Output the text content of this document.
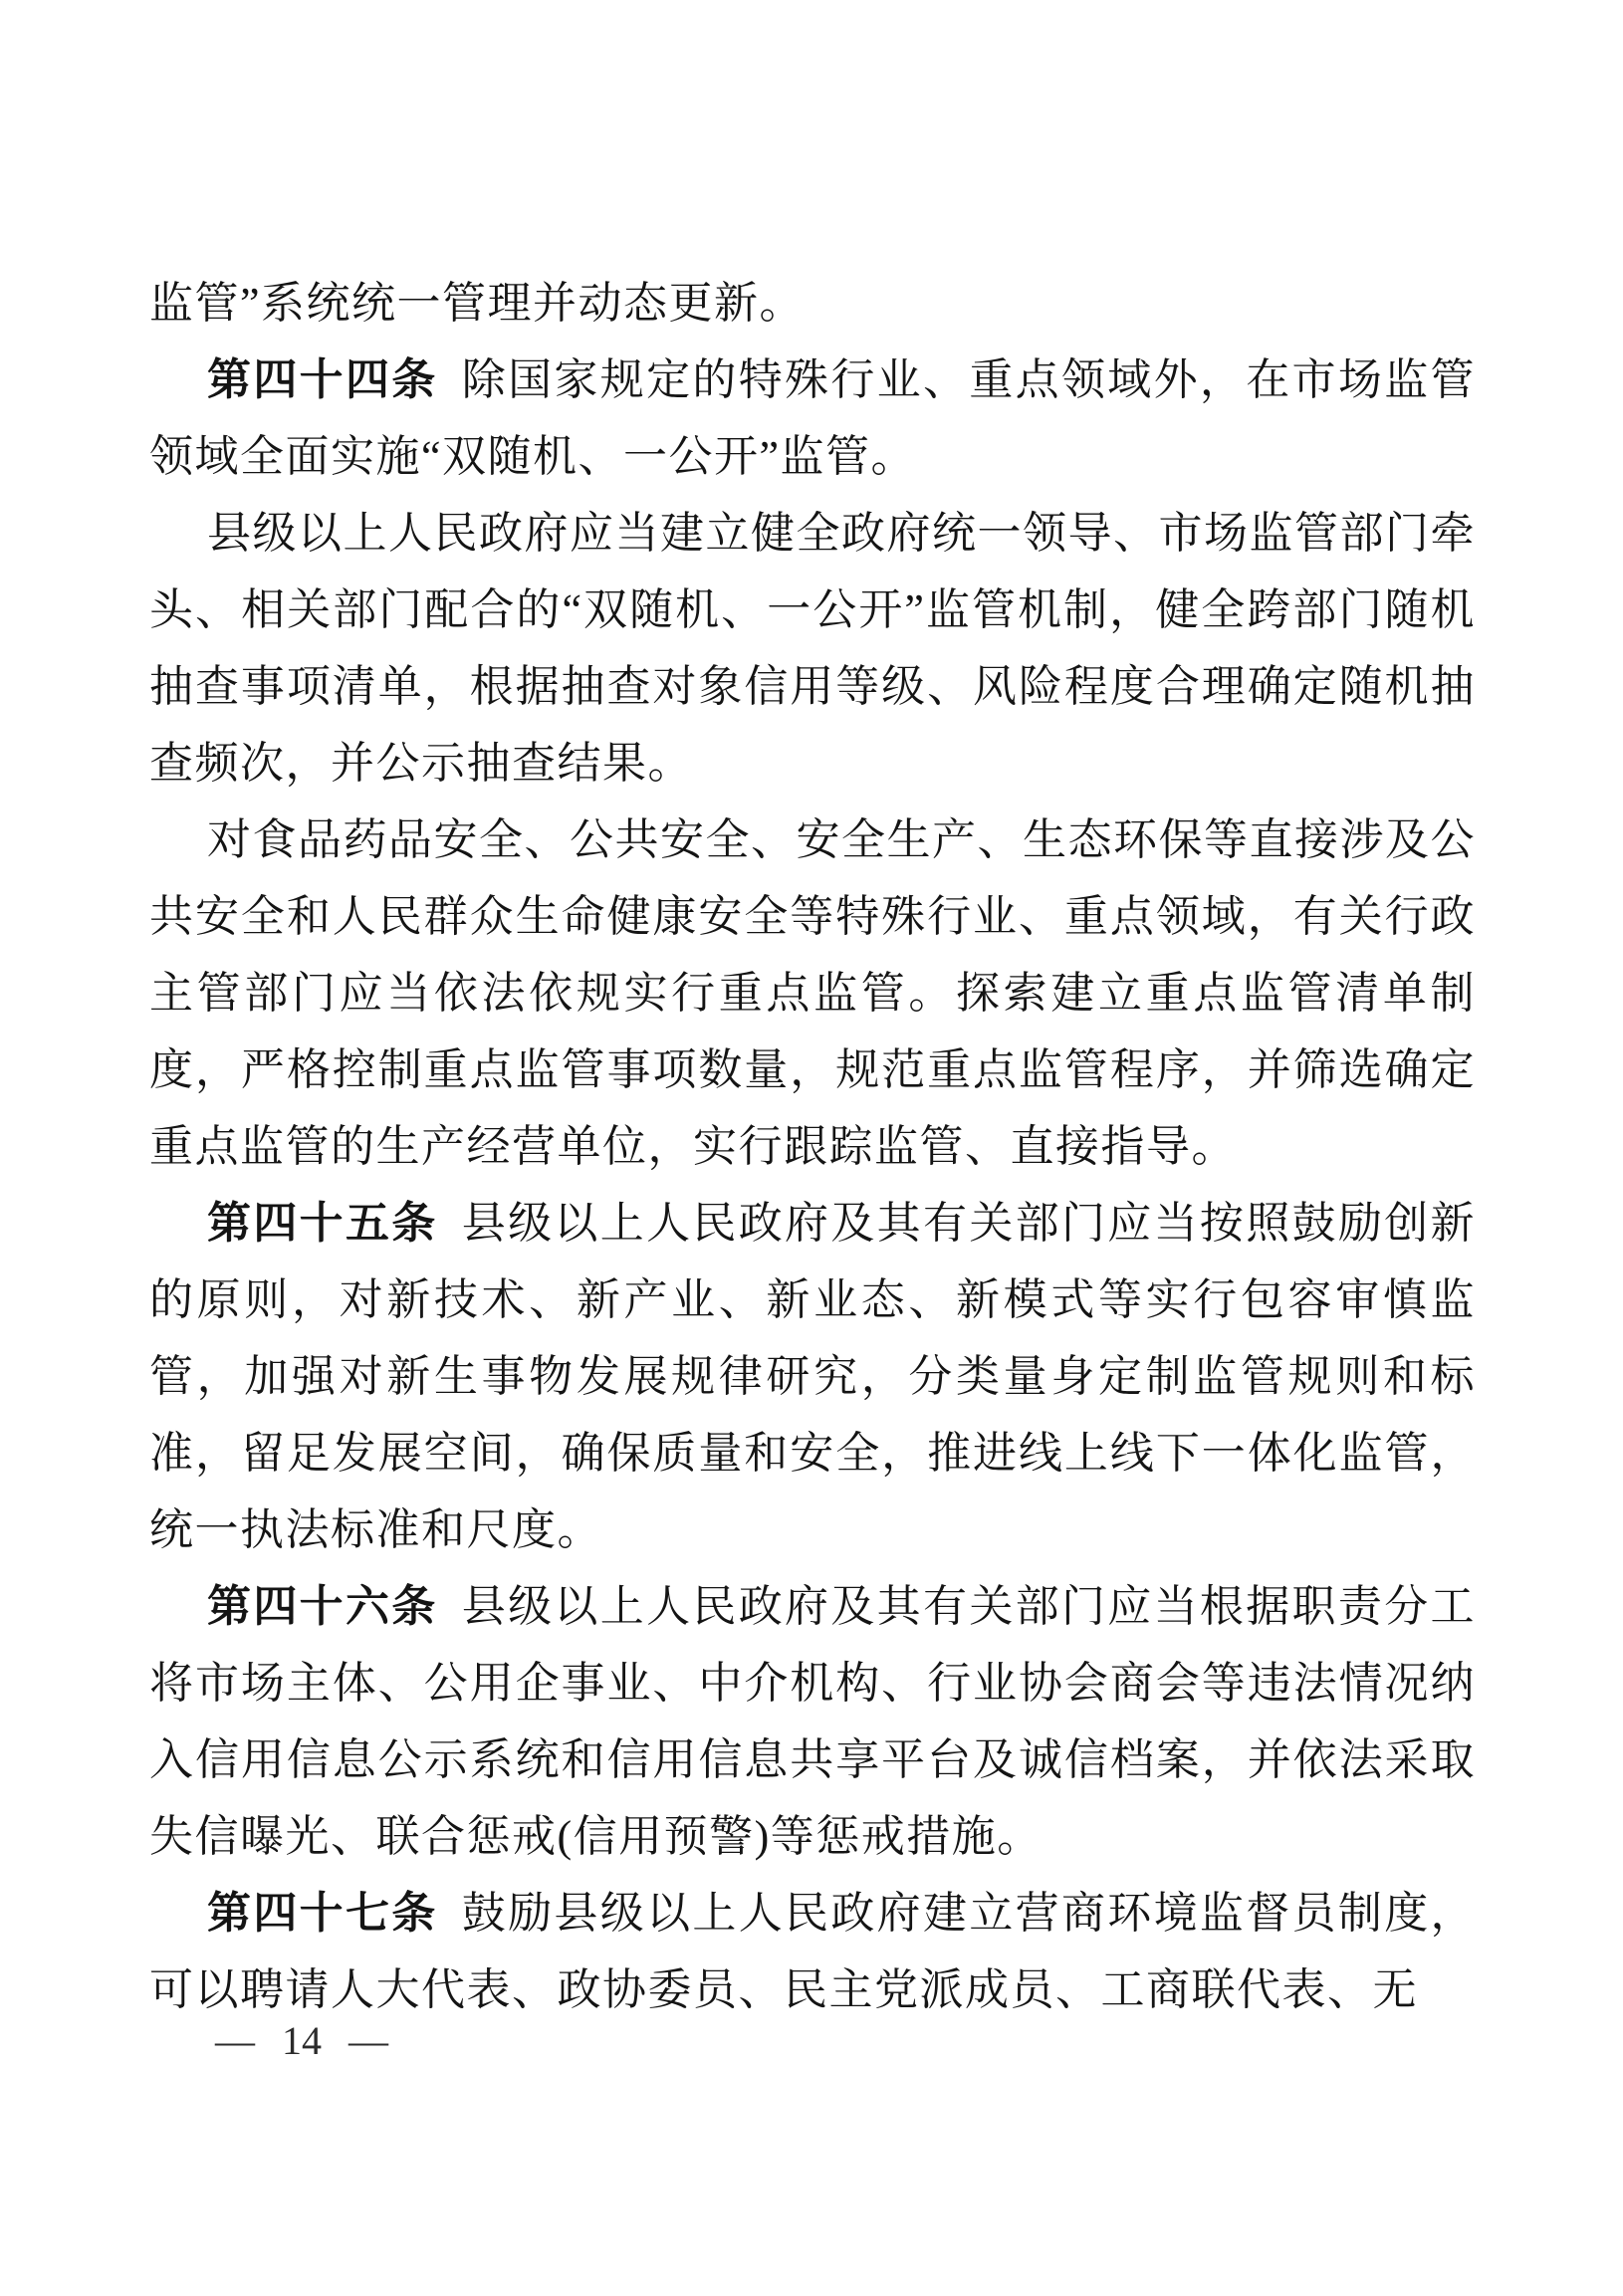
监管”系统统一管理并动态更新。

第四十四条 除国家规定的特殊行业、重点领域外，在市场监管领域全面实施“双随机、一公开”监管。

县级以上人民政府应当建立健全政府统一领导、市场监管部门牵头、相关部门配合的“双随机、一公开”监管机制，健全跨部门随机抽查事项清单，根据抽查对象信用等级、风险程度合理确定随机抽查频次，并公示抽查结果。

对食品药品安全、公共安全、安全生产、生态环保等直接涉及公共安全和人民群众生命健康安全等特殊行业、重点领域，有关行政主管部门应当依法依规实行重点监管。探索建立重点监管清单制度，严格控制重点监管事项数量，规范重点监管程序，并筛选确定重点监管的生产经营单位，实行跟踪监管、直接指导。

第四十五条 县级以上人民政府及其有关部门应当按照鼓励创新的原则，对新技术、新产业、新业态、新模式等实行包容审慎监管，加强对新生事物发展规律研究，分类量身定制监管规则和标准，留足发展空间，确保质量和安全，推进线上线下一体化监管，统一执法标准和尺度。

第四十六条 县级以上人民政府及其有关部门应当根据职责分工将市场主体、公用企事业、中介机构、行业协会商会等违法情况纳入信用信息公示系统和信用信息共享平台及诚信档案，并依法采取失信曝光、联合惩戒(信用预警)等惩戒措施。

第四十七条 鼓励县级以上人民政府建立营商环境监督员制度，可以聘请人大代表、政协委员、民主党派成员、工商联代表、无

— 14 —
